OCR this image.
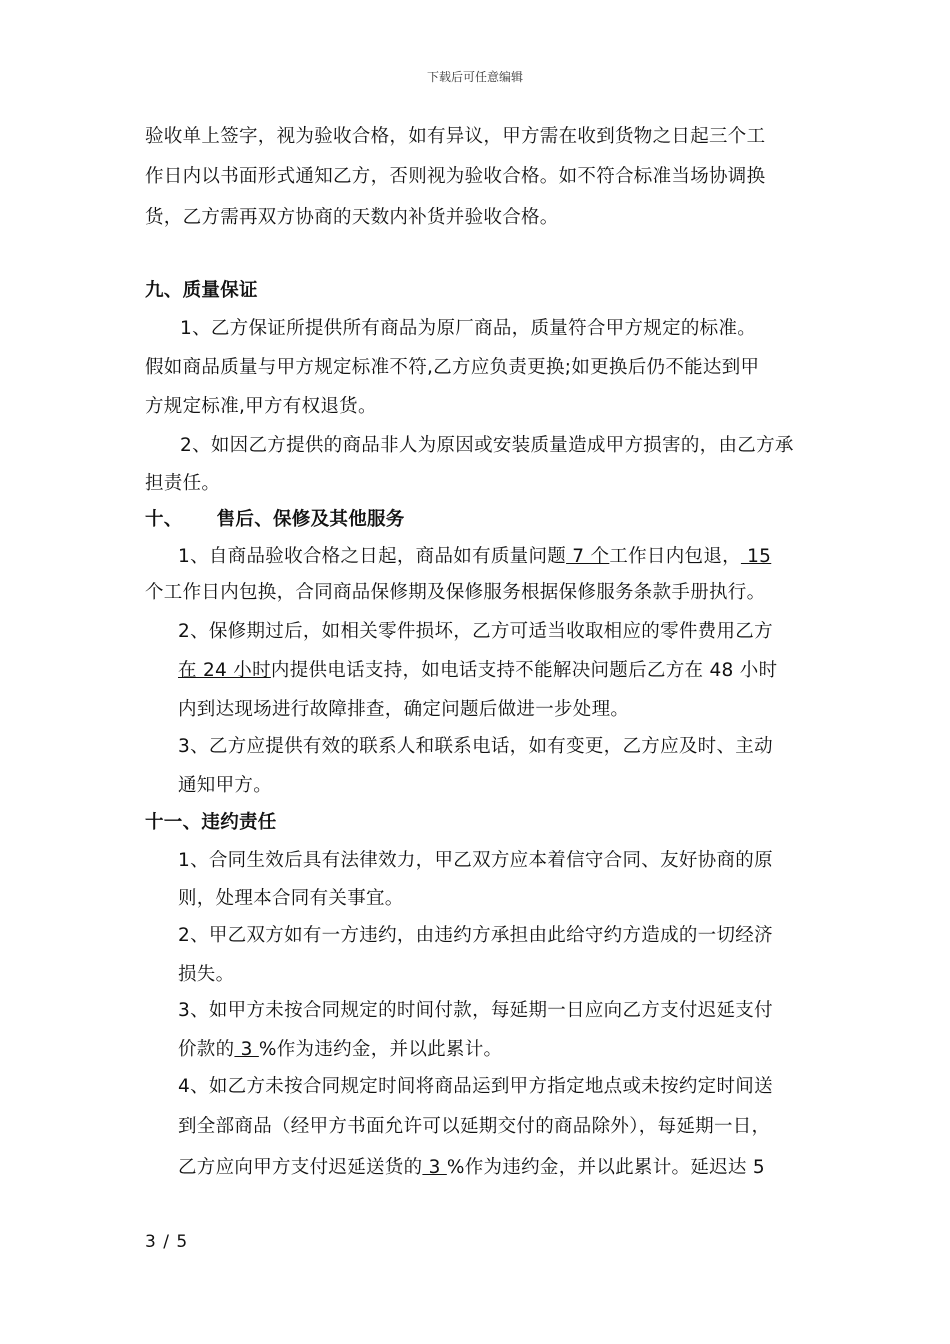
下载后可任意编辑
验收单上签字，视为验收合格，如有异议，甲方需在收到货物之日起三个工
作日内以书面形式通知乙方，否则视为验收合格。如不符合标准当场协调换
货，乙方需再双方协商的天数内补货并验收合格。
九、质量保证
1、乙方保证所提供所有商品为原厂商品，质量符合甲方规定的标准。
假如商品质量与甲方规定标准不符,乙方应负责更换;如更换后仍不能达到甲
方规定标准,甲方有权退货。
2、如因乙方提供的商品非人为原因或安装质量造成甲方损害的，由乙方承
担责任。
十、 售后、保修及其他服务
1、自商品验收合格之日起，商品如有质量问题 7 个工作日内包退， 15
个工作日内包换，合同商品保修期及保修服务根据保修服务条款手册执行。
2、保修期过后，如相关零件损坏，乙方可适当收取相应的零件费用乙方
在 24 小时内提供电话支持，如电话支持不能解决问题后乙方在 48 小时
内到达现场进行故障排查，确定问题后做进一步处理。
3、乙方应提供有效的联系人和联系电话，如有变更，乙方应及时、主动
通知甲方。
十一、违约责任
1、合同生效后具有法律效力，甲乙双方应本着信守合同、友好协商的原
则，处理本合同有关事宜。
2、甲乙双方如有一方违约，由违约方承担由此给守约方造成的一切经济
损失。
3、如甲方未按合同规定的时间付款，每延期一日应向乙方支付迟延支付
价款的 3 %作为违约金，并以此累计。
4、如乙方未按合同规定时间将商品运到甲方指定地点或未按约定时间送
到全部商品（经甲方书面允许可以延期交付的商品除外），每延期一日，
乙方应向甲方支付迟延送货的 3 %作为违约金，并以此累计。延迟达 5
3 / 5
